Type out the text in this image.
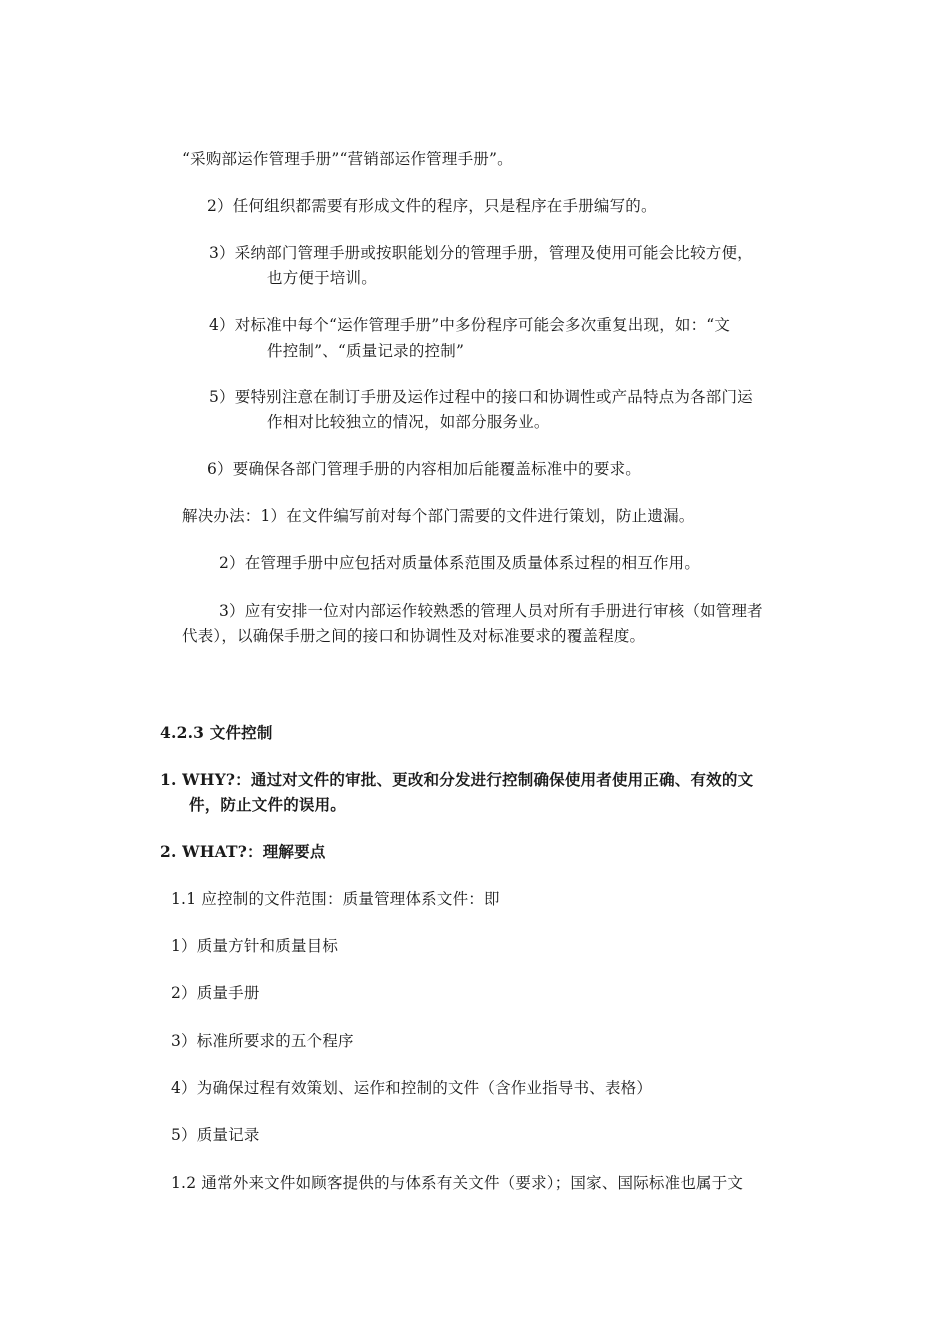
“采购部运作管理手册”“营销部运作管理手册”。
2）任何组织都需要有形成文件的程序，只是程序在手册编写的。
3）采纳部门管理手册或按职能划分的管理手册，管理及使用可能会比较方便，
也方便于培训。
4）对标准中每个“运作管理手册”中多份程序可能会多次重复出现，如：“文
件控制”、“质量记录的控制”
5）要特别注意在制订手册及运作过程中的接口和协调性或产品特点为各部门运
作相对比较独立的情况，如部分服务业。
6）要确保各部门管理手册的内容相加后能覆盖标准中的要求。
解决办法：1）在文件编写前对每个部门需要的文件进行策划，防止遗漏。
2）在管理手册中应包括对质量体系范围及质量体系过程的相互作用。
3）应有安排一位对内部运作较熟悉的管理人员对所有手册进行审核（如管理者
代表），以确保手册之间的接口和协调性及对标准要求的覆盖程度。
4.2.3 文件控制
1. WHY?：通过对文件的审批、更改和分发进行控制确保使用者使用正确、有效的文
件，防止文件的误用。
2. WHAT?：理解要点
1.1 应控制的文件范围：质量管理体系文件：即
1）质量方针和质量目标
2）质量手册
3）标准所要求的五个程序
4）为确保过程有效策划、运作和控制的文件（含作业指导书、表格）
5）质量记录
1.2 通常外来文件如顾客提供的与体系有关文件（要求）；国家、国际标准也属于文
